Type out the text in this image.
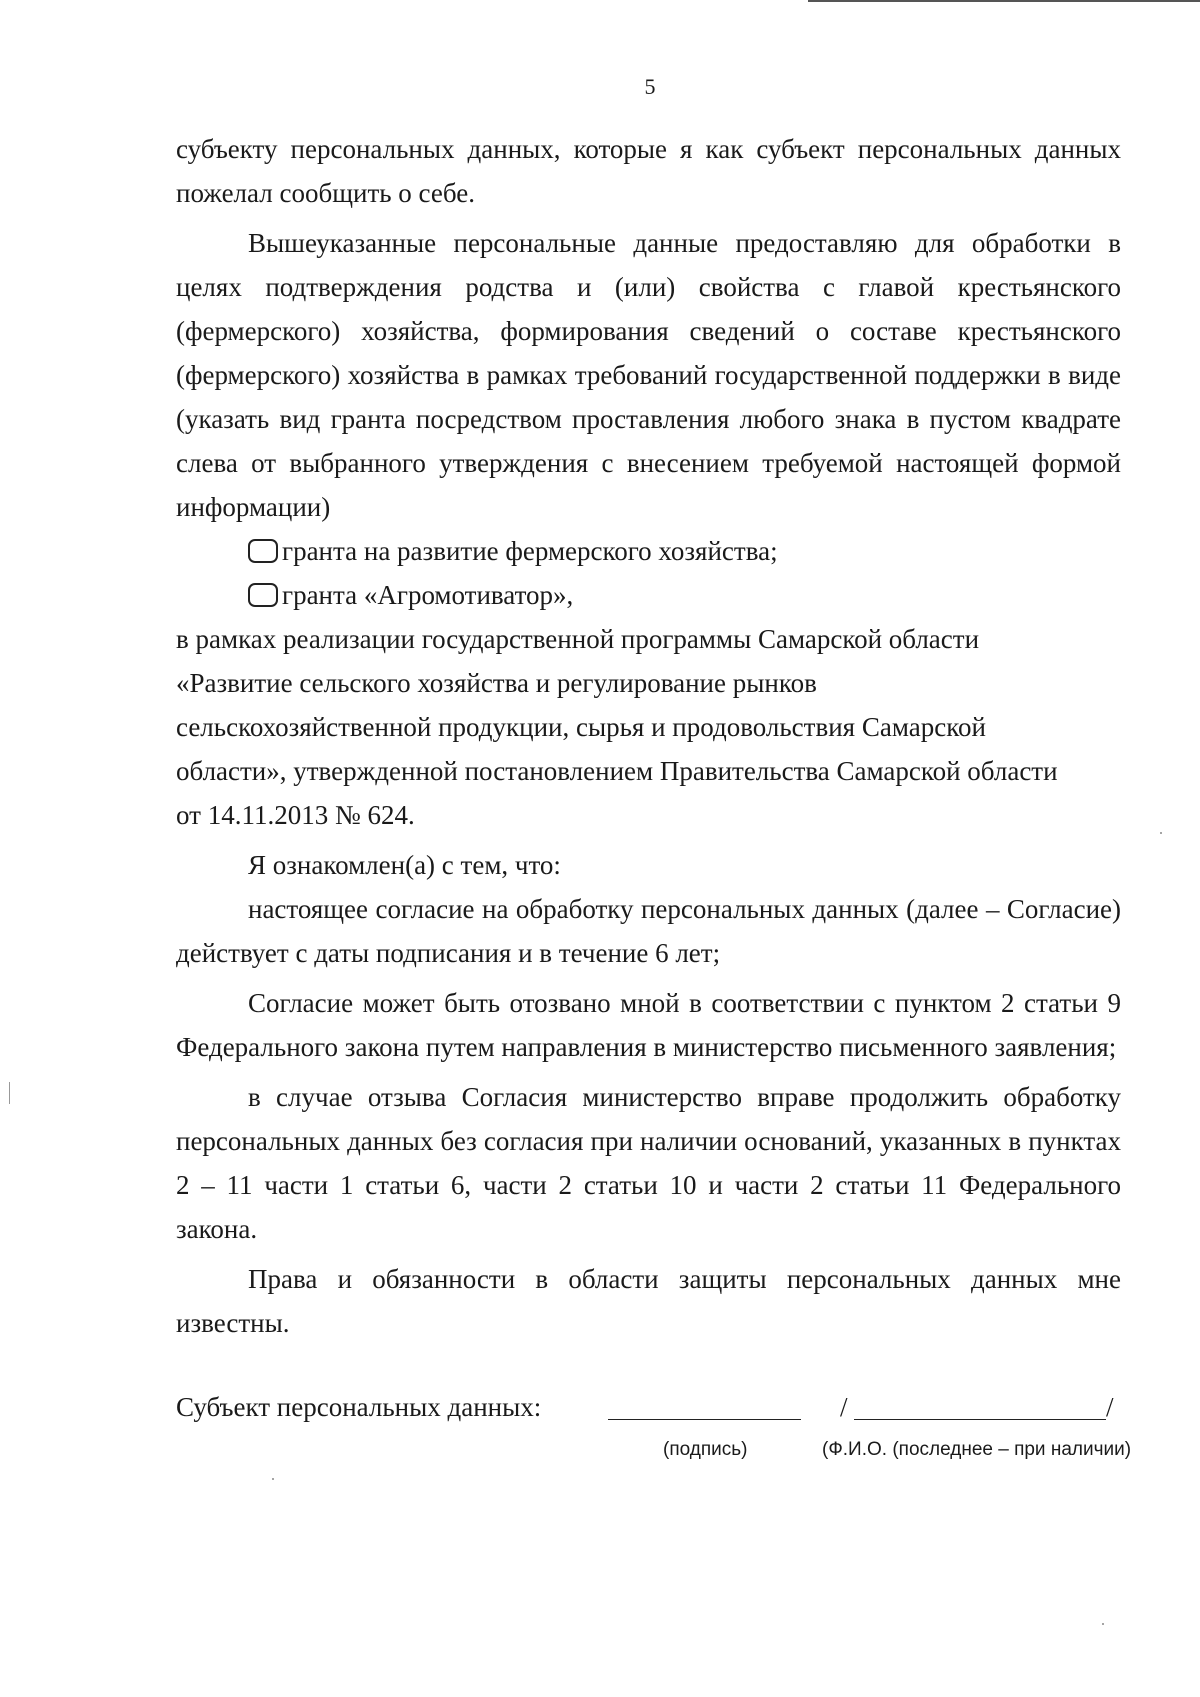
5

субъекту персональных данных, которые я как субъект персональных данных пожелал сообщить о себе.

Вышеуказанные персональные данные предоставляю для обработки в целях подтверждения родства и (или) свойства с главой крестьянского (фермерского) хозяйства, формирования сведений о составе крестьянского (фермерского) хозяйства в рамках требований государственной поддержки в виде (указать вид гранта посредством проставления любого знака в пустом квадрате слева от выбранного утверждения с внесением требуемой настоящей формой информации)

гранта на развитие фермерского хозяйства;
гранта «Агромотиватор»,

в рамках реализации государственной программы Самарской области

«Развитие сельского хозяйства и регулирование рынков

сельскохозяйственной продукции, сырья и продовольствия Самарской

области», утвержденной постановлением Правительства Самарской области

от 14.11.2013 № 624.

Я ознакомлен(а) с тем, что:

настоящее согласие на обработку персональных данных (далее – Согласие) действует с даты подписания и в течение 6 лет;

Согласие может быть отозвано мной в соответствии с пунктом 2 статьи 9 Федерального закона путем направления в министерство письменного заявления;

в случае отзыва Согласия министерство вправе продолжить обработку персональных данных без согласия при наличии оснований, указанных в пунктах 2 – 11 части 1 статьи 6, части 2 статьи 10 и части 2 статьи 11 Федерального закона.

Права и обязанности в области защиты персональных данных мне известны.

Субъект персональных данных:	/	/
(подпись)	(Ф.И.О. (последнее – при наличии)
